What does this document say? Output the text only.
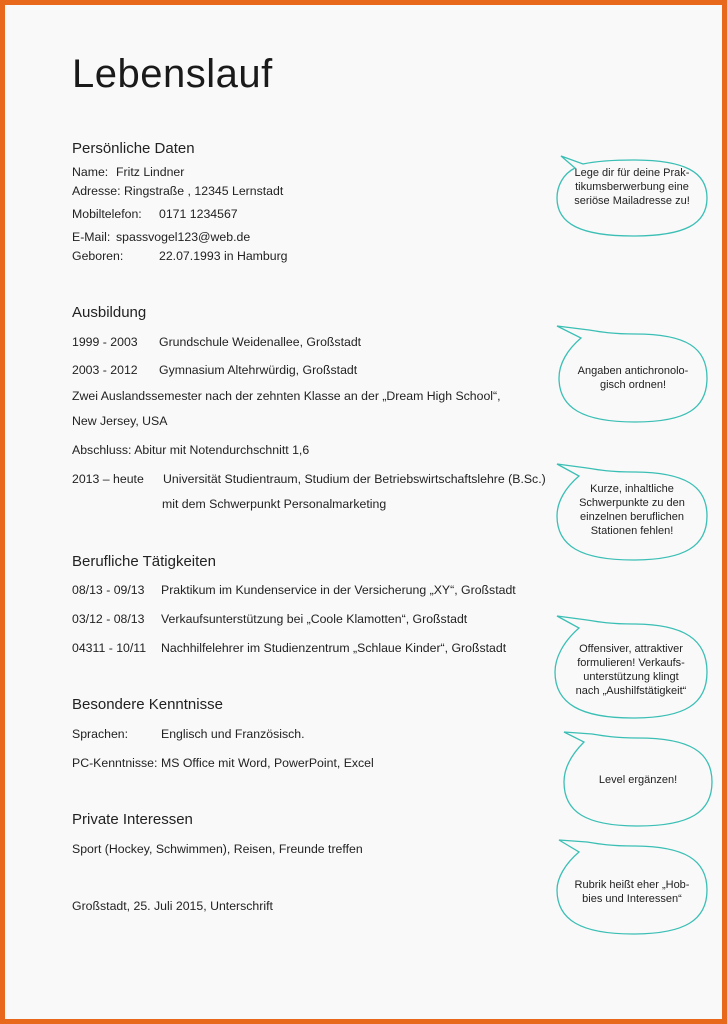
Lebenslauf
Persönliche Daten
Name: Fritz Lindner
Adresse: Ringstraße , 12345 Lernstadt
Mobiltelefon: 0171 1234567
E-Mail: spassvogel123@web.de
Geboren:	22.07.1993 in Hamburg
Ausbildung
1999 - 2003 Grundschule Weidenallee, Großstadt
2003 - 2012 Gymnasium Altehrwürdig, Großstadt
Zwei Auslandssemester nach der zehnten Klasse an der „Dream High School“,
New Jersey, USA
Abschluss: Abitur mit Notendurchschnitt 1,6
2013 – heute Universität Studientraum, Studium der Betriebswirtschaftslehre (B.Sc.)
mit dem Schwerpunkt Personalmarketing
Berufliche Tätigkeiten
08/13 - 09/13 Praktikum im Kundenservice in der Versicherung „XY“, Großstadt
03/12 - 08/13 Verkaufsunterstützung bei „Coole Klamotten“, Großstadt
04311 - 10/11 Nachhilfelehrer im Studienzentrum „Schlaue Kinder“, Großstadt
Besondere Kenntnisse
Sprachen:	Englisch und Französisch.
PC-Kenntnisse: MS Office mit Word, PowerPoint, Excel
Private Interessen
Sport (Hockey, Schwimmen), Reisen, Freunde treffen
Großstadt, 25. Juli 2015, Unterschrift
Lege dir für deine Prak-
tikumsberwerbung eine
seriöse Mailadresse zu!
Angaben antichronolo-
gisch ordnen!
Kurze, inhaltliche
Schwerpunkte zu den
einzelnen beruflichen
Stationen fehlen!
Offensiver, attraktiver
formulieren! Verkaufs-
unterstützung klingt
nach „Aushilfstätigkeit“
Level ergänzen!
Rubrik heißt eher „Hob-
bies und Interessen“
